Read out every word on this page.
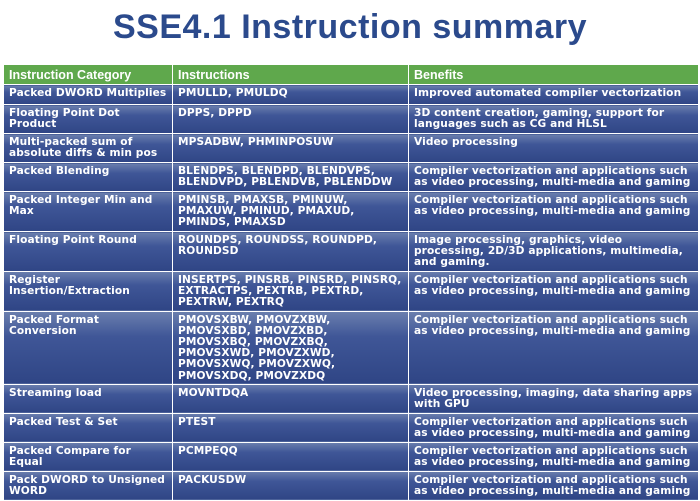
SSE4.1 Instruction summary
Instruction Category	Instructions	Benefits
Packed DWORD Multiplies	PMULLD, PMULDQ	Improved automated compiler vectorization
Floating Point Dot Product	DPPS, DPPD	3D content creation, gaming, support for languages such as CG and HLSL
Multi-packed sum of absolute diffs & min pos	MPSADBW, PHMINPOSUW	Video processing
Packed Blending	BLENDPS, BLENDPD, BLENDVPS, BLENDVPD, PBLENDVB, PBLENDDW	Compiler vectorization and applications such as video processing, multi-media and gaming
Packed Integer Min and Max	PMINSB, PMAXSB, PMINUW, PMAXUW, PMINUD, PMAXUD, PMINDS, PMAXSD	Compiler vectorization and applications such as video processing, multi-media and gaming
Floating Point Round	ROUNDPS, ROUNDSS, ROUNDPD, ROUNDSD	Image processing, graphics, video processing, 2D/3D applications, multimedia, and gaming.
Register Insertion/Extraction	INSERTPS, PINSRB, PINSRD, PINSRQ, EXTRACTPS, PEXTRB, PEXTRD, PEXTRW, PEXTRQ	Compiler vectorization and applications such as video processing, multi-media and gaming
Packed Format Conversion	PMOVSXBW, PMOVZXBW, PMOVSXBD, PMOVZXBD, PMOVSXBQ, PMOVZXBQ, PMOVSXWD, PMOVZXWD, PMOVSXWQ, PMOVZXWQ, PMOVSXDQ, PMOVZXDQ	Compiler vectorization and applications such as video processing, multi-media and gaming
Streaming load	MOVNTDQA	Video processing, imaging, data sharing apps with GPU
Packed Test & Set	PTEST	Compiler vectorization and applications such as video processing, multi-media and gaming
Packed Compare for Equal	PCMPEQQ	Compiler vectorization and applications such as video processing, multi-media and gaming
Pack DWORD to Unsigned WORD	PACKUSDW	Compiler vectorization and applications such as video processing, multi-media and gaming
